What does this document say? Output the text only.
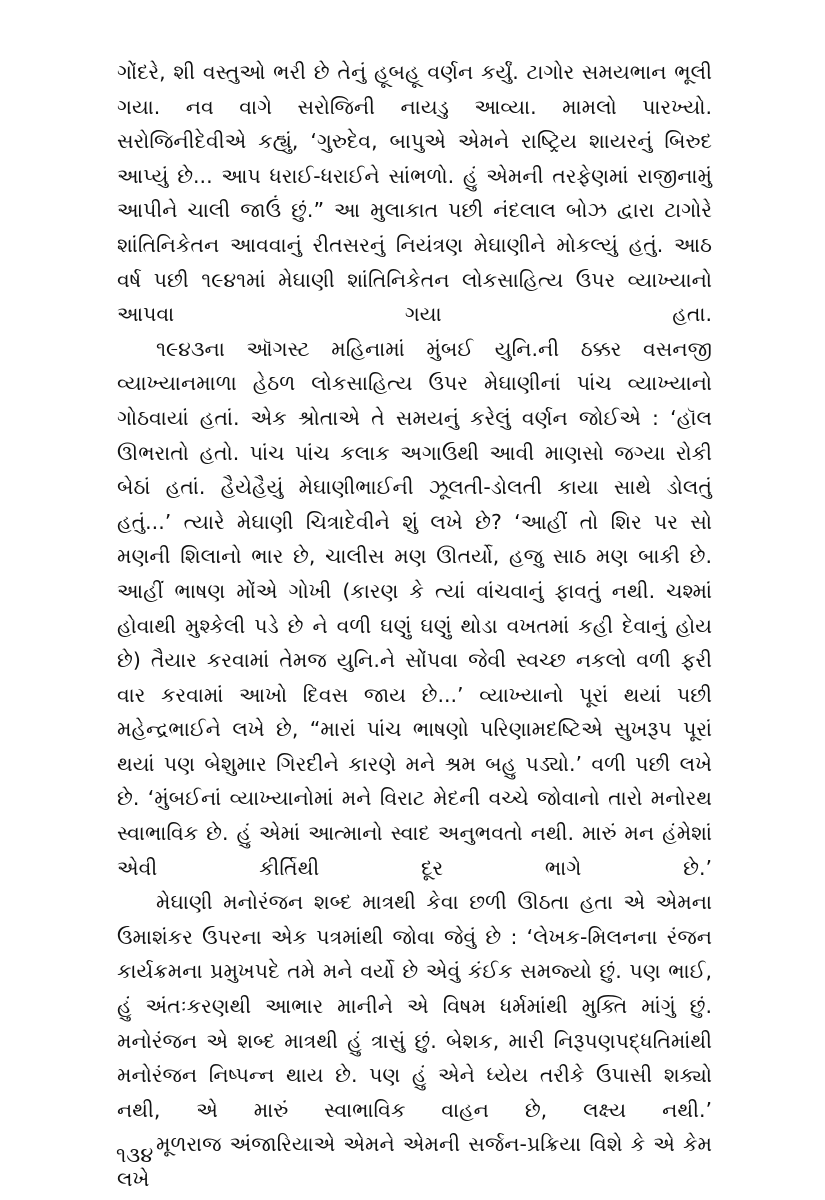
ગોંદરે, શી વસ્તુઓ ભરી છે તેનું હૂબહૂ વર્ણન કર્યું. ટાગોર સમયભાન ભૂલી ગયા. નવ વાગે સરોજિની નાયડુ આવ્યા. મામલો પારખ્યો. સરોજિનીદેવીએ કહ્યું, ‘ગુરુદેવ, બાપુએ એમને રાષ્ટ્રિય શાયરનું બિરુદ આપ્યું છે... આપ ધરાઈ-ધરાઈને સાંભળો. હું એમની તરફેણમાં રાજીનામું આપીને ચાલી જાઉં છું.” આ મુલાકાત પછી નંદલાલ બોઝ દ્વારા ટાગોરે શાંતિનિકેતન આવવાનું રીતસરનું નિયંત્રણ મેઘાણીને મોકલ્યું હતું. આઠ વર્ષ પછી ૧૯૪૧માં મેઘાણી શાંતિનિકેતન લોકસાહિત્ય ઉપર વ્યાખ્યાનો આપવા ગયા હતા.

૧૯૪૩ના ઑગસ્ટ મહિનામાં મુંબઈ યુનિ.ની ઠક્કર વસનજી વ્યાખ્યાનમાળા હેઠળ લોકસાહિત્ય ઉપર મેઘાણીનાં પાંચ વ્યાખ્યાનો ગોઠવાયાં હતાં. એક શ્રોતાએ તે સમયનું કરેલું વર્ણન જોઈએ : ‘હૉલ ઊભરાતો હતો. પાંચ પાંચ કલાક અગાઉથી આવી માણસો જગ્યા રોકી બેઠાં હતાં. હૈયેહૈયું મેઘાણીભાઈની ઝૂલતી-ડોલતી કાયા સાથે ડોલતું હતું...’ ત્યારે મેઘાણી ચિત્રાદેવીને શું લખે છે? ‘આહીં તો શિર પર સો મણની શિલાનો ભાર છે, ચાલીસ મણ ઊતર્યો, હજુ સાઠ મણ બાકી છે. આહીં ભાષણ મોંએ ગોખી (કારણ કે ત્યાં વાંચવાનું ફાવતું નથી. ચશ્માં હોવાથી મુશ્કેલી પડે છે ને વળી ઘણું ઘણું થોડા વખતમાં કહી દેવાનું હોય છે) તૈયાર કરવામાં તેમજ યુનિ.ને સોંપવા જેવી સ્વચ્છ નકલો વળી ફરી વાર કરવામાં આખો દિવસ જાય છે...’ વ્યાખ્યાનો પૂરાં થયાં પછી મહેન્દ્રભાઈને લખે છે, “મારાં પાંચ ભાષણો પરિણામદષ્ટિએ સુખરૂપ પૂરાં થયાં પણ બેશુમાર ગિરદીને કારણે મને શ્રમ બહુ પડ્યો.’ વળી પછી લખે છે. ‘મુંબઈનાં વ્યાખ્યાનોમાં મને વિરાટ મેદની વચ્ચે જોવાનો તારો મનોરથ સ્વાભાવિક છે. હું એમાં આત્માનો સ્વાદ અનુભવતો નથી. મારું મન હંમેશાં એવી કીર્તિથી દૂર ભાગે છે.’

મેઘાણી મનોરંજન શબ્દ માત્રથી કેવા છળી ઊઠતા હતા એ એમના ઉમાશંકર ઉપરના એક પત્રમાંથી જોવા જેવું છે : ‘લેખક-મિલનના રંજન કાર્યક્રમના પ્રમુખપદે તમે મને વર્યો છે એવું કંઈક સમજ્યો છું. પણ ભાઈ, હું અંતઃકરણથી આભાર માનીને એ વિષમ ધર્મમાંથી મુક્તિ માંગું છું. મનોરંજન એ શબ્દ માત્રથી હું ત્રાસું છું. બેશક, મારી નિરૂપણપદ્ધતિમાંથી મનોરંજન નિષ્પન્ન થાય છે. પણ હું એને ધ્યેય તરીકે ઉપાસી શક્યો નથી, એ મારું સ્વાભાવિક વાહન છે, લક્ષ્ય નથી.’

મૂળરાજ અંજારિયાએ એમને એમની સર્જન-પ્રક્રિયા વિશે કે એ કેમ લખે

૧૩૪
